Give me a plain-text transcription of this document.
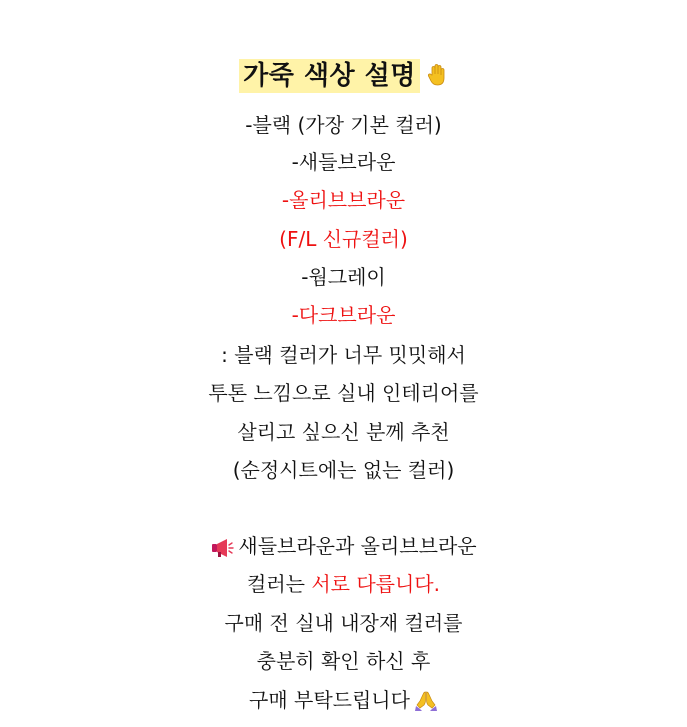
가죽 색상 설명
-블랙 (가장 기본 컬러)
-새들브라운
-올리브브라운
(F/L 신규컬러)
-웜그레이
-다크브라운
: 블랙 컬러가 너무 밋밋해서
투톤 느낌으로 실내 인테리어를
살리고 싶으신 분께 추천
(순정시트에는 없는 컬러)
새들브라운과 올리브브라운
컬러는 서로 다릅니다.
구매 전 실내 내장재 컬러를
충분히 확인 하신 후
구매 부탁드립니다
